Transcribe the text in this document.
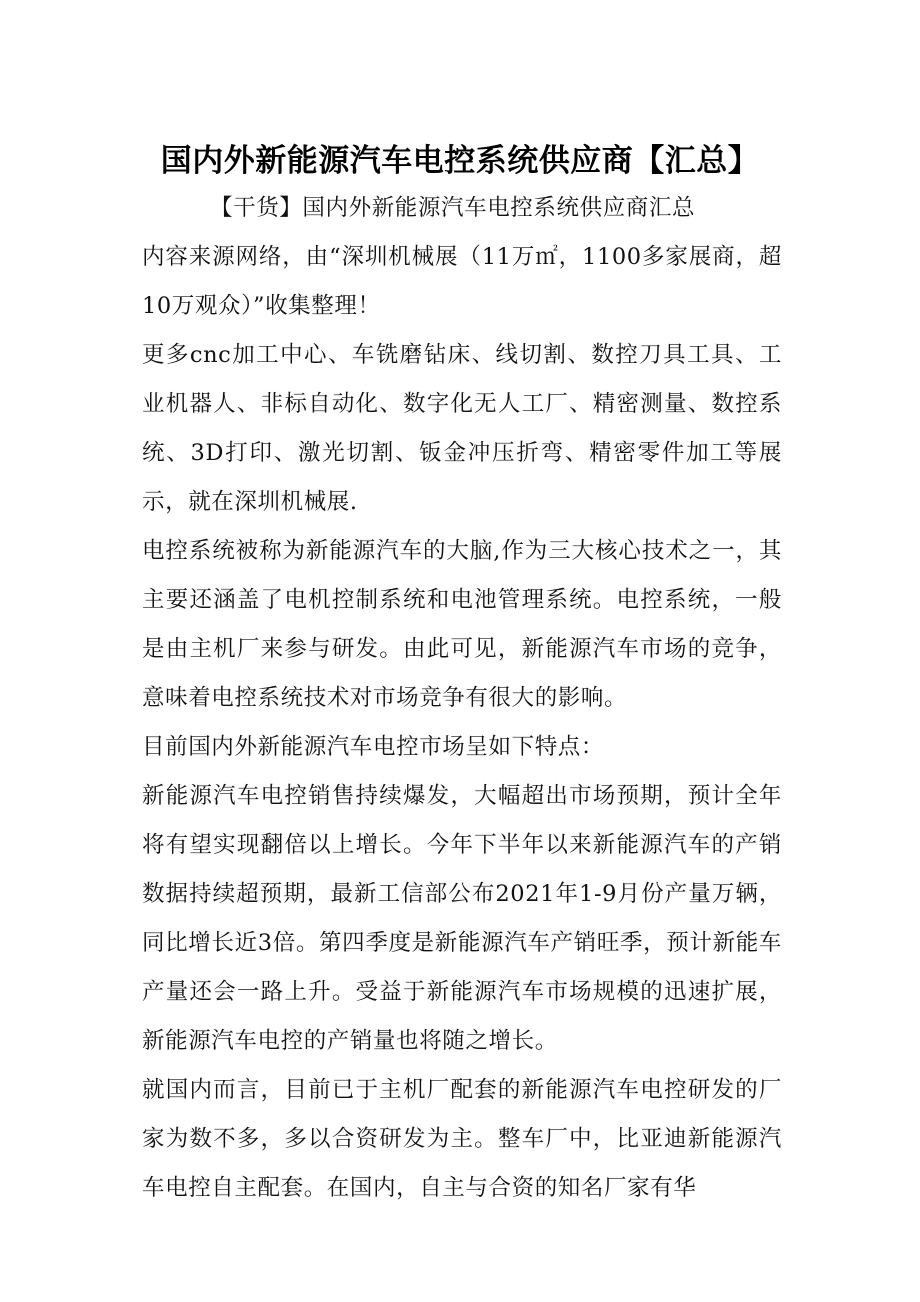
国内外新能源汽车电控系统供应商【汇总】

【干货】国内外新能源汽车电控系统供应商汇总

内容来源网络，由“深圳机械展（11万㎡，1100多家展商，超10万观众）”收集整理！

更多cnc加工中心、车铣磨钻床、线切割、数控刀具工具、工业机器人、非标自动化、数字化无人工厂、精密测量、数控系统、3D打印、激光切割、钣金冲压折弯、精密零件加工等展示，就在深圳机械展.

电控系统被称为新能源汽车的大脑,作为三大核心技术之一，其主要还涵盖了电机控制系统和电池管理系统。电控系统，一般是由主机厂来参与研发。由此可见，新能源汽车市场的竞争，意味着电控系统技术对市场竞争有很大的影响。

目前国内外新能源汽车电控市场呈如下特点：

新能源汽车电控销售持续爆发，大幅超出市场预期，预计全年将有望实现翻倍以上增长。今年下半年以来新能源汽车的产销数据持续超预期，最新工信部公布2021年1-9月份产量万辆，同比增长近3倍。第四季度是新能源汽车产销旺季，预计新能车产量还会一路上升。受益于新能源汽车市场规模的迅速扩展，新能源汽车电控的产销量也将随之增长。

就国内而言，目前已于主机厂配套的新能源汽车电控研发的厂家为数不多，多以合资研发为主。整车厂中，比亚迪新能源汽车电控自主配套。在国内，自主与合资的知名厂家有华
